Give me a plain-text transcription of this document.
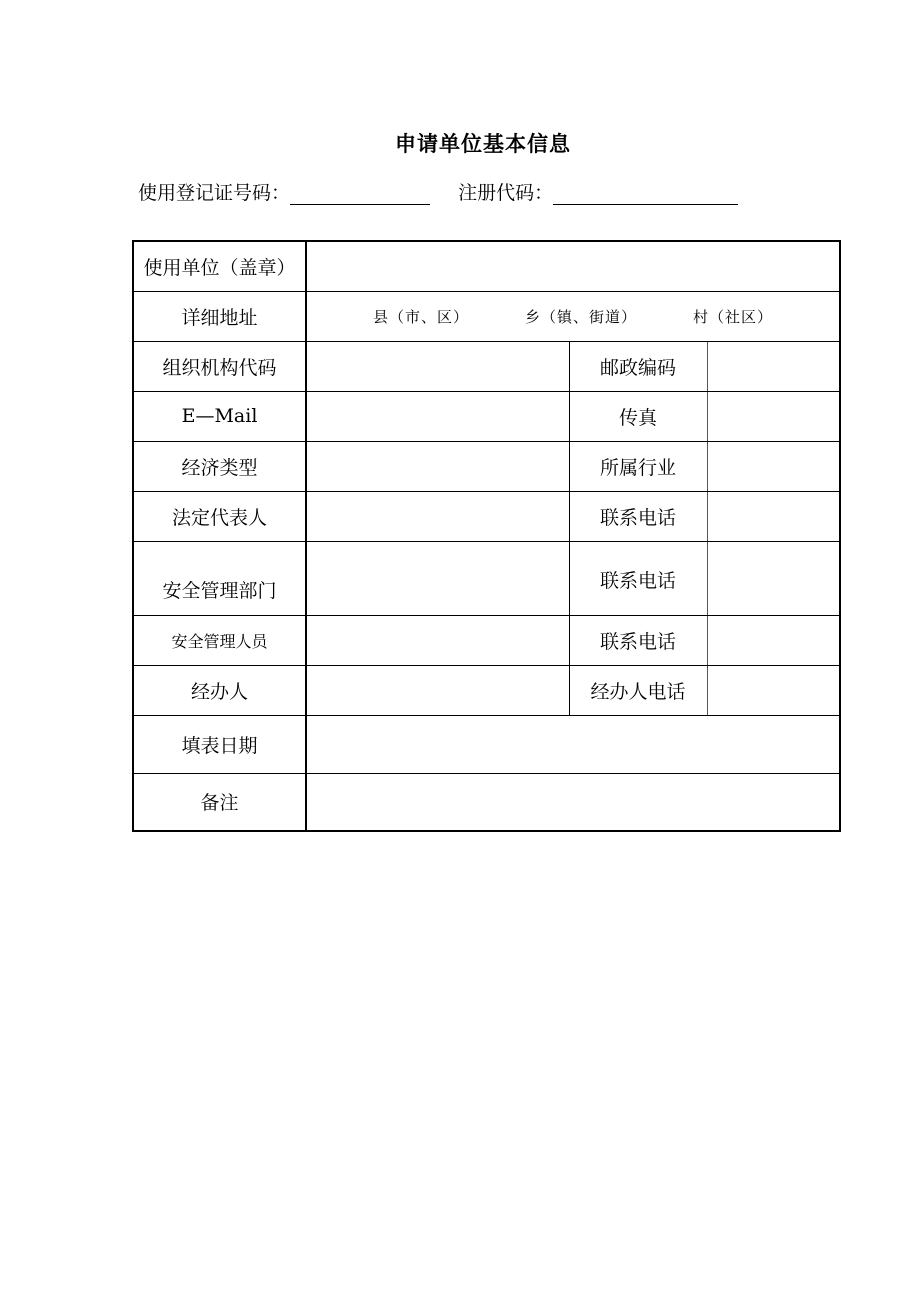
申请单位基本信息
使用登记证号码：	注册代码：
使用单位（盖章）			
详细地址	县（市、区） 乡（镇、街道） 村（社区）		
组织机构代码		邮政编码	
E—Mail		传真	
经济类型		所属行业	
法定代表人		联系电话	
安全管理部门		联系电话	
安全管理人员		联系电话	
经办人		经办人电话	
填表日期			
备注			
